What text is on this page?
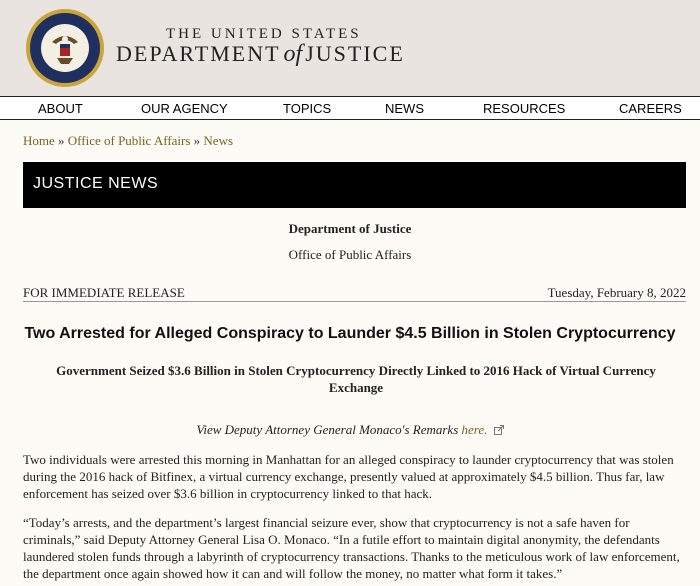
THE UNITED STATES
DEPARTMENT of JUSTICE
ABOUT	OUR AGENCY	TOPICS	NEWS	RESOURCES	CAREERS
Home » Office of Public Affairs » News
JUSTICE NEWS
Department of Justice
Office of Public Affairs
FOR IMMEDIATE RELEASE	Tuesday, February 8, 2022
Two Arrested for Alleged Conspiracy to Launder $4.5 Billion in Stolen Cryptocurrency
Government Seized $3.6 Billion in Stolen Cryptocurrency Directly Linked to 2016 Hack of Virtual Currency Exchange
View Deputy Attorney General Monaco's Remarks here.
Two individuals were arrested this morning in Manhattan for an alleged conspiracy to launder cryptocurrency that was stolen during the 2016 hack of Bitfinex, a virtual currency exchange, presently valued at approximately $4.5 billion. Thus far, law enforcement has seized over $3.6 billion in cryptocurrency linked to that hack.
“Today’s arrests, and the department’s largest financial seizure ever, show that cryptocurrency is not a safe haven for criminals,” said Deputy Attorney General Lisa O. Monaco. “In a futile effort to maintain digital anonymity, the defendants laundered stolen funds through a labyrinth of cryptocurrency transactions. Thanks to the meticulous work of law enforcement, the department once again showed how it can and will follow the money, no matter what form it takes.”
